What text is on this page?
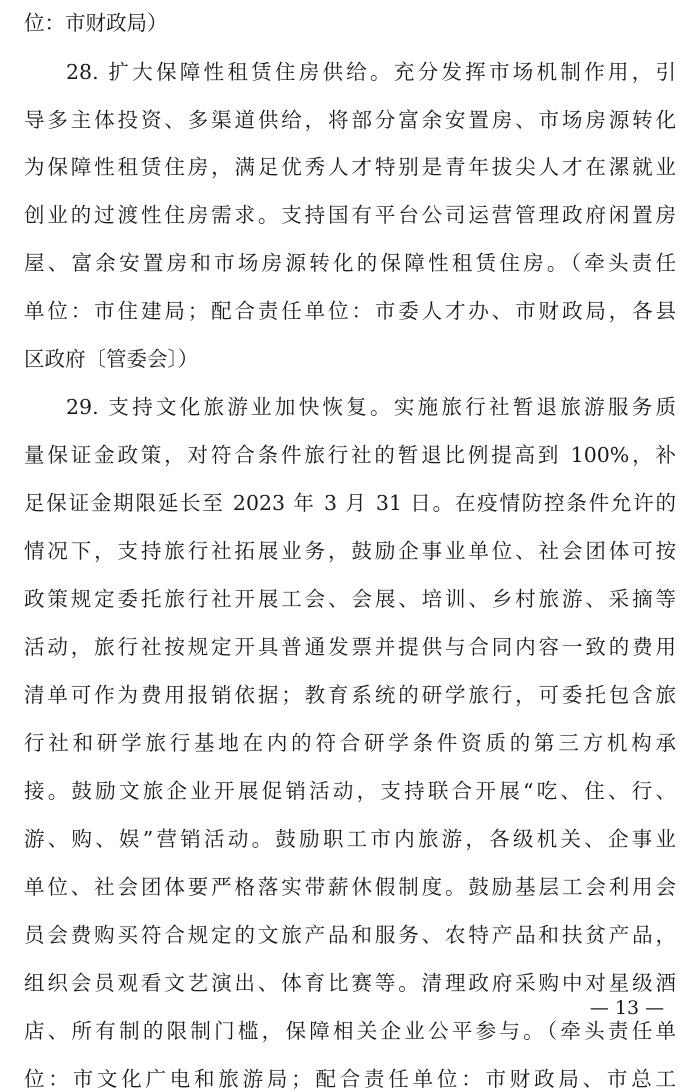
位：市财政局）
28. 扩大保障性租赁住房供给。充分发挥市场机制作用，引
导多主体投资、多渠道供给，将部分富余安置房、市场房源转化
为保障性租赁住房，满足优秀人才特别是青年拔尖人才在漯就业
创业的过渡性住房需求。支持国有平台公司运营管理政府闲置房
屋、富余安置房和市场房源转化的保障性租赁住房。（牵头责任
单位：市住建局；配合责任单位：市委人才办、市财政局，各县
区政府〔管委会〕）
29. 支持文化旅游业加快恢复。实施旅行社暂退旅游服务质
量保证金政策，对符合条件旅行社的暂退比例提高到 100%，补
足保证金期限延长至 2023 年 3 月 31 日。在疫情防控条件允许的
情况下，支持旅行社拓展业务，鼓励企事业单位、社会团体可按
政策规定委托旅行社开展工会、会展、培训、乡村旅游、采摘等
活动，旅行社按规定开具普通发票并提供与合同内容一致的费用
清单可作为费用报销依据；教育系统的研学旅行，可委托包含旅
行社和研学旅行基地在内的符合研学条件资质的第三方机构承
接。鼓励文旅企业开展促销活动，支持联合开展“吃、住、行、
游、购、娱”营销活动。鼓励职工市内旅游，各级机关、企事业
单位、社会团体要严格落实带薪休假制度。鼓励基层工会利用会
员会费购买符合规定的文旅产品和服务、农特产品和扶贫产品，
组织会员观看文艺演出、体育比赛等。清理政府采购中对星级酒
店、所有制的限制门槛，保障相关企业公平参与。（牵头责任单
位：市文化广电和旅游局；配合责任单位：市财政局、市总工
— 13 —
